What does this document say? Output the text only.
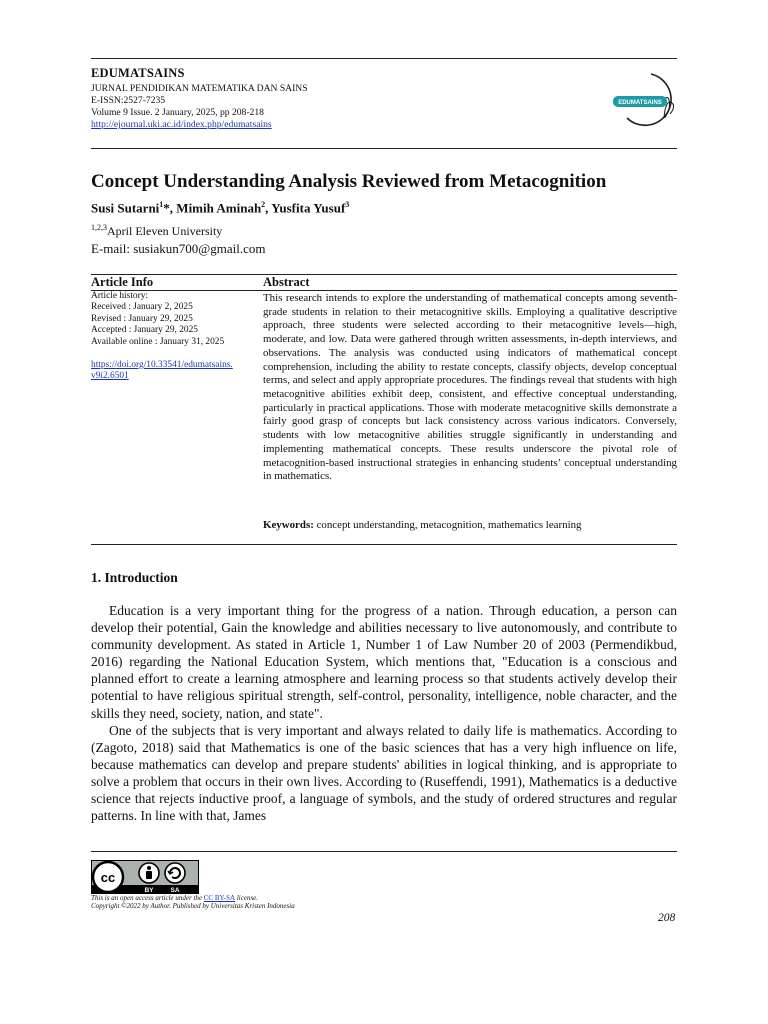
EDUMATSAINS
JURNAL PENDIDIKAN MATEMATIKA DAN SAINS
E-ISSN:2527-7235
Volume 9 Issue. 2 January, 2025, pp 208-218
http://ejournal.uki.ac.id/index.php/edumatsains
EDUMATSAINS
Concept Understanding Analysis Reviewed from Metacognition
Susi Sutarni$^1$*, Mimih Aminah$^2$, Yusfita Yusuf$^3$
$^{1,2,3}$April Eleven University
E-mail: susiakun700@gmail.com
Article Info	Abstract
Article history:
Received : January 2, 2025
Revised : January 29, 2025
Accepted : January 29, 2025
Available online : January 31, 2025
https://doi.org/10.33541/edumatsains.
v9i2.6501
This research intends to explore the understanding of mathematical concepts among seventh-grade students in relation to their metacognitive skills. Employing a qualitative descriptive approach, three students were selected according to their metacognitive levels—high, moderate, and low. Data were gathered through written assessments, in-depth interviews, and observations. The analysis was conducted using indicators of mathematical concept comprehension, including the ability to restate concepts, classify objects, develop conceptual terms, and select and apply appropriate procedures. The findings reveal that students with high metacognitive abilities exhibit deep, consistent, and effective conceptual understanding, particularly in practical applications. Those with moderate metacognitive skills demonstrate a fairly good grasp of concepts but lack consistency across various indicators. Conversely, students with low metacognitive abilities struggle significantly in understanding and implementing mathematical concepts. These results underscore the pivotal role of metacognition-based instructional strategies in enhancing students’ conceptual understanding in mathematics.
Keywords: concept understanding, metacognition, mathematics learning
1. Introduction

Education is a very important thing for the progress of a nation. Through education, a person can develop their potential, Gain the knowledge and abilities necessary to live autonomously, and contribute to community development. As stated in Article 1, Number 1 of Law Number 20 of 2003 (Permendikbud, 2016) regarding the National Education System, which mentions that, "Education is a conscious and planned effort to create a learning atmosphere and learning process so that students actively develop their potential to have religious spiritual strength, self-control, personality, intelligence, noble character, and the skills they need, society, nation, and state".

One of the subjects that is very important and always related to daily life is mathematics. According to (Zagoto, 2018) said that Mathematics is one of the basic sciences that has a very high influence on life, because mathematics can develop and prepare students' abilities in logical thinking, and is appropriate to solve a problem that occurs in their own lives. According to (Ruseffendi, 1991), Mathematics is a deductive science that rejects inductive proof, a language of symbols, and the study of ordered structures and regular patterns. In line with that, James

cc
BY	SA
This is an open access article under the CC BY-SA license.
Copyright ©2022 by Author. Published by Universitas Kristen Indonesia
208
